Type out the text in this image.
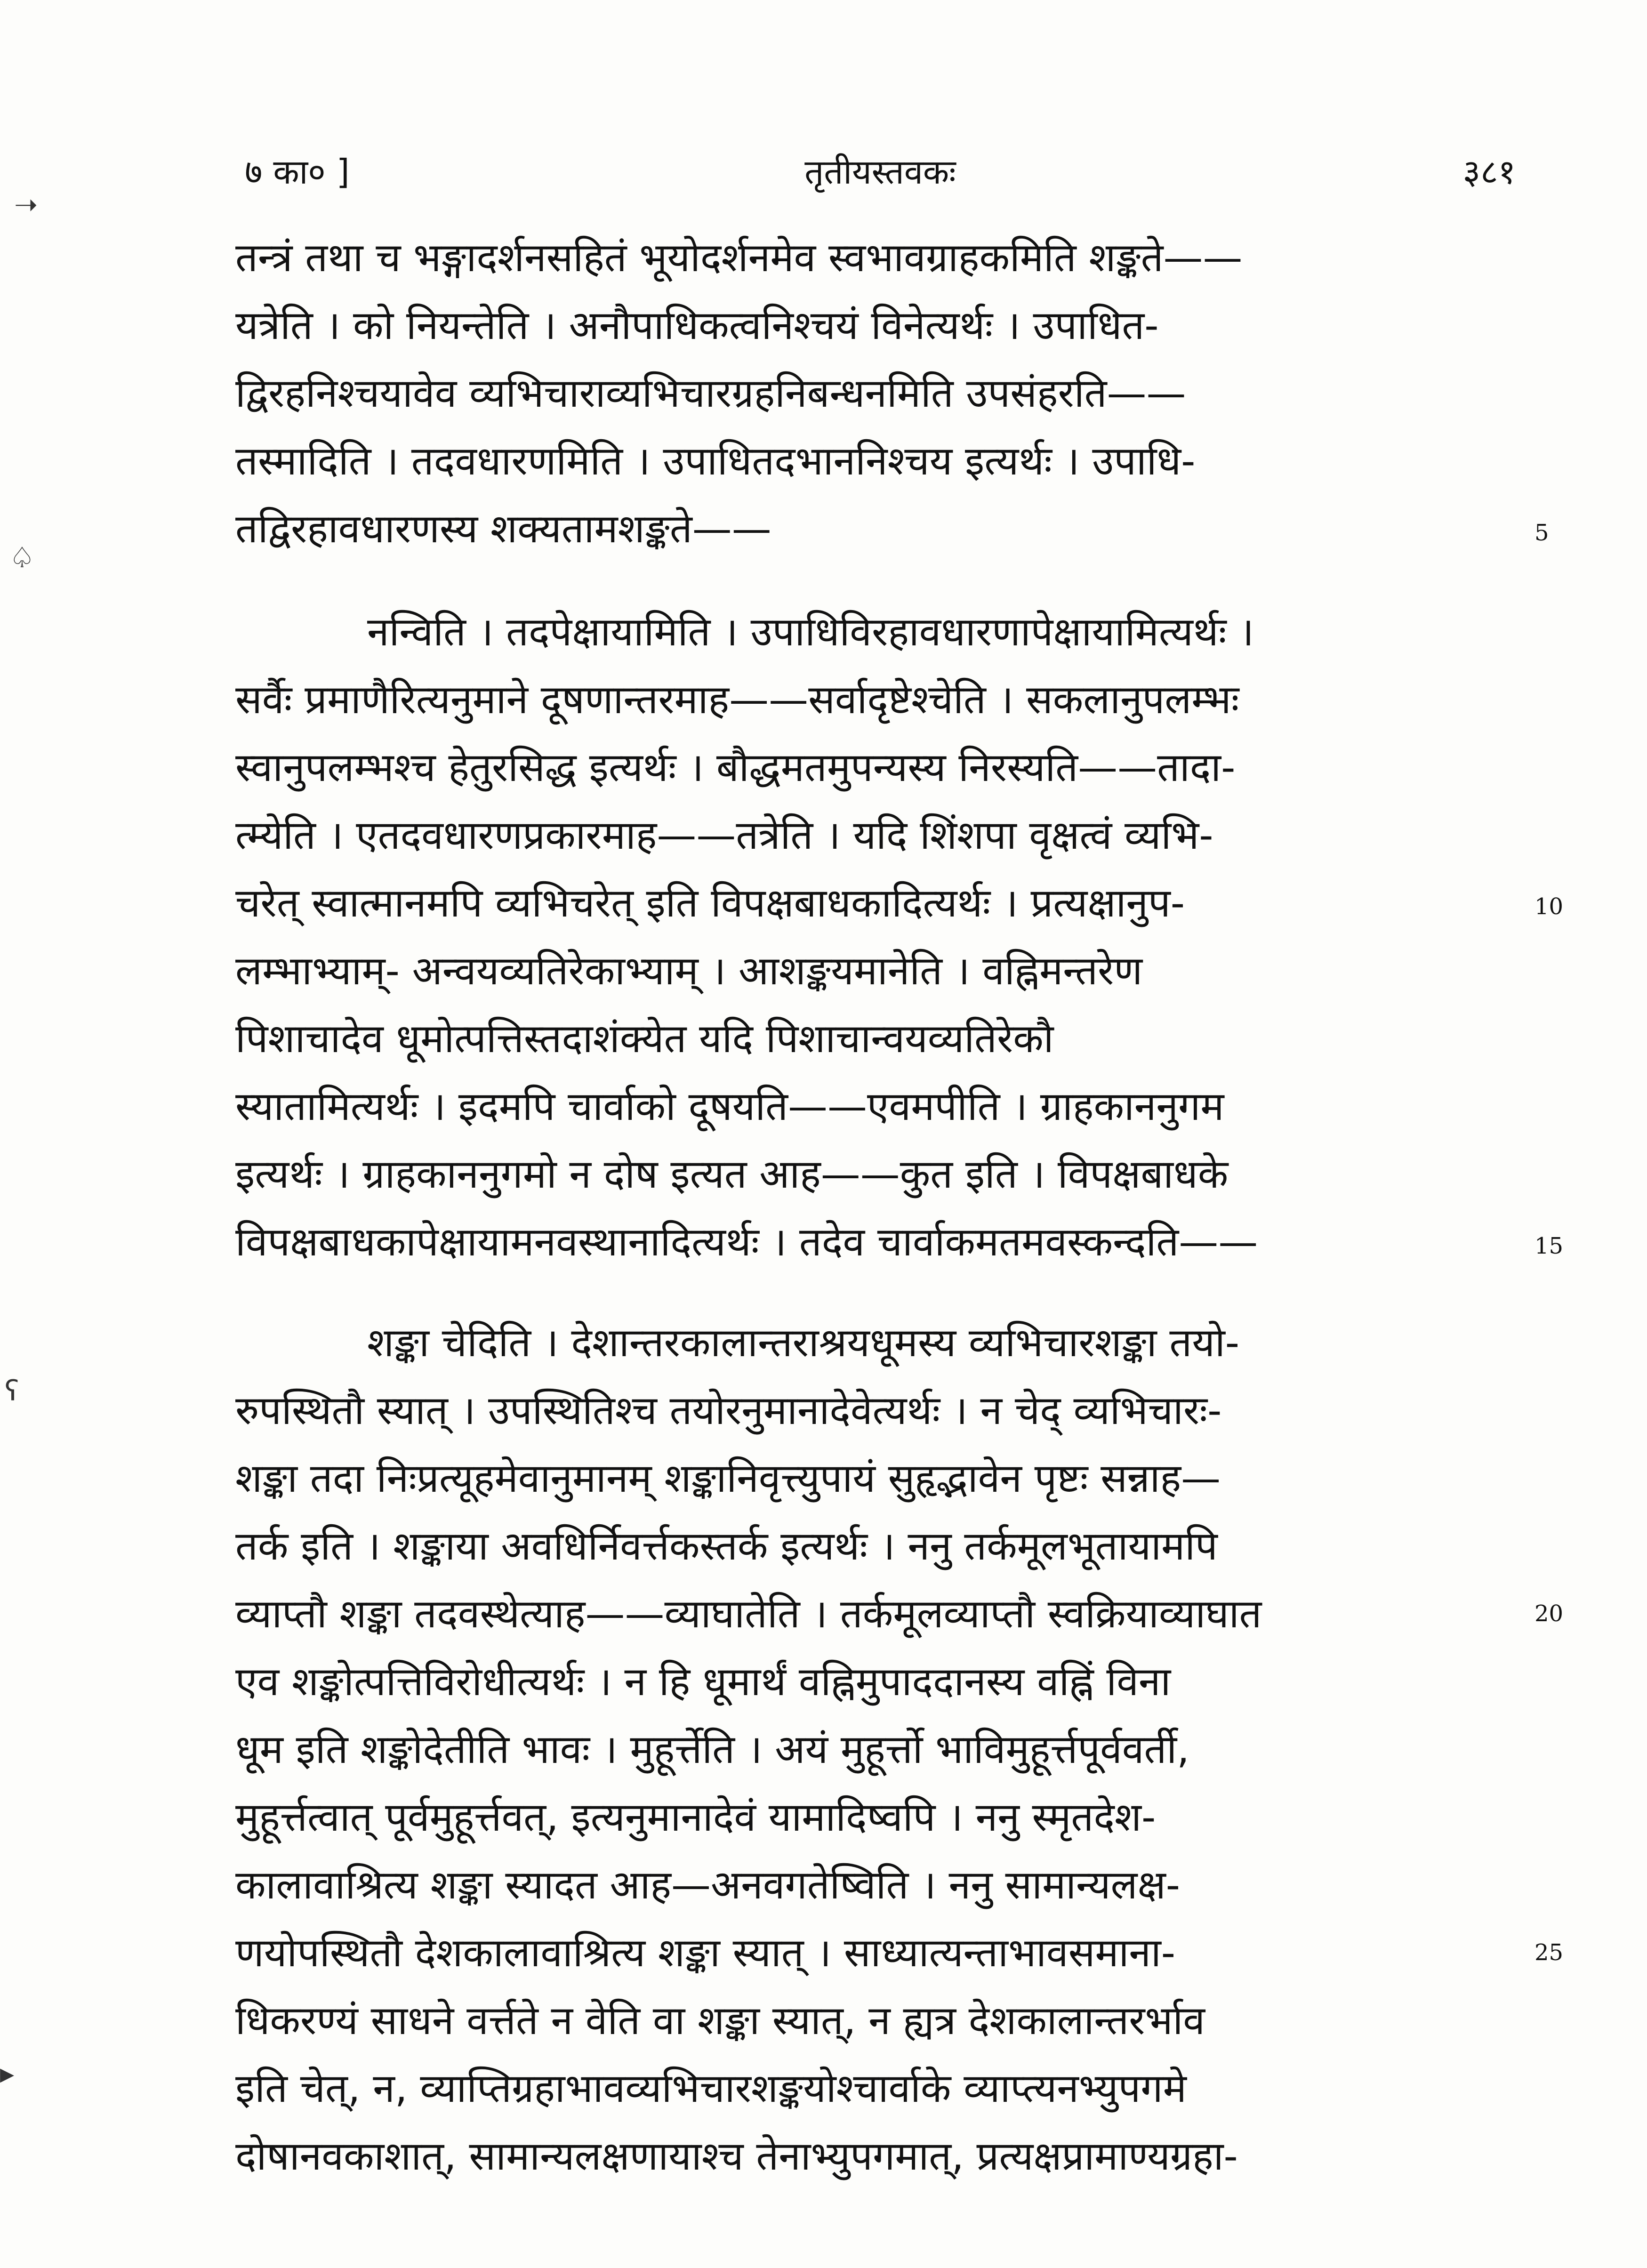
७ का० ]	तृतीयस्तवकः	३८१
तन्त्रं तथा च भङ्गादर्शनसहितं भूयोदर्शनमेव स्वभावग्राहकमिति शङ्कते——
यत्रेति । को नियन्तेति । अनौपाधिकत्वनिश्चयं विनेत्यर्थः । उपाधित-
द्विरहनिश्चयावेव व्यभिचाराव्यभिचारग्रहनिबन्धनमिति उपसंहरति——
तस्मादिति । तदवधारणमिति । उपाधितदभाननिश्चय इत्यर्थः । उपाधि-
तद्विरहावधारणस्य शक्यतामशङ्कते——
नन्विति । तदपेक्षायामिति । उपाधिविरहावधारणापेक्षायामित्यर्थः ।
सर्वैः प्रमाणैरित्यनुमाने दूषणान्तरमाह——सर्वादृष्टेश्चेति । सकलानुपलम्भः
स्वानुपलम्भश्च हेतुरसिद्ध इत्यर्थः । बौद्धमतमुपन्यस्य निरस्यति——तादा-
त्म्येति । एतदवधारणप्रकारमाह——तत्रेति । यदि शिंशपा वृक्षत्वं व्यभि-
चरेत् स्वात्मानमपि व्यभिचरेत् इति विपक्षबाधकादित्यर्थः । प्रत्यक्षानुप-
लम्भाभ्याम्- अन्वयव्यतिरेकाभ्याम् । आशङ्कयमानेति । वह्निमन्तरेण
पिशाचादेव धूमोत्पत्तिस्तदाशंक्येत यदि पिशाचान्वयव्यतिरेकौ
स्यातामित्यर्थः । इदमपि चार्वाको दूषयति——एवमपीति । ग्राहकाननुगम
इत्यर्थः । ग्राहकाननुगमो न दोष इत्यत आह——कुत इति । विपक्षबाधके
विपक्षबाधकापेक्षायामनवस्थानादित्यर्थः । तदेव चार्वाकमतमवस्कन्दति——
शङ्का चेदिति । देशान्तरकालान्तराश्रयधूमस्य व्यभिचारशङ्का तयो-
रुपस्थितौ स्यात् । उपस्थितिश्च तयोरनुमानादेवेत्यर्थः । न चेद् व्यभिचारः-
शङ्का तदा निःप्रत्यूहमेवानुमानम् शङ्कानिवृत्त्युपायं सुहृद्भावेन पृष्टः सन्नाह—
तर्क इति । शङ्काया अवधिर्निवर्त्तकस्तर्क इत्यर्थः । ननु तर्कमूलभूतायामपि
व्याप्तौ शङ्का तदवस्थेत्याह——व्याघातेति । तर्कमूलव्याप्तौ स्वक्रियाव्याघात
एव शङ्कोत्पत्तिविरोधीत्यर्थः । न हि धूमार्थं वह्निमुपाददानस्य वह्निं विना
धूम इति शङ्कोदेतीति भावः । मुहूर्त्तेति । अयं मुहूर्त्तो भाविमुहूर्त्तपूर्ववर्ती,
मुहूर्त्तत्वात् पूर्वमुहूर्त्तवत्, इत्यनुमानादेवं यामादिष्वपि । ननु स्मृतदेश-
कालावाश्रित्य शङ्का स्यादत आह—अनवगतेष्विति । ननु सामान्यलक्ष-
णयोपस्थितौ देशकालावाश्रित्य शङ्का स्यात् । साध्यात्यन्ताभावसमाना-
धिकरण्यं साधने वर्त्तते न वेति वा शङ्का स्यात्, न ह्यत्र देशकालान्तरर्भाव
इति चेत्, न, व्याप्तिग्रहाभावव्यभिचारशङ्कयोश्चार्वाके व्याप्त्यनभ्युपगमे
दोषानवकाशात्, सामान्यलक्षणायाश्च तेनाभ्युपगमात्, प्रत्यक्षप्रामाण्यग्रहा-
5
10
15
20
25
➝
♤
ʕ
▸
